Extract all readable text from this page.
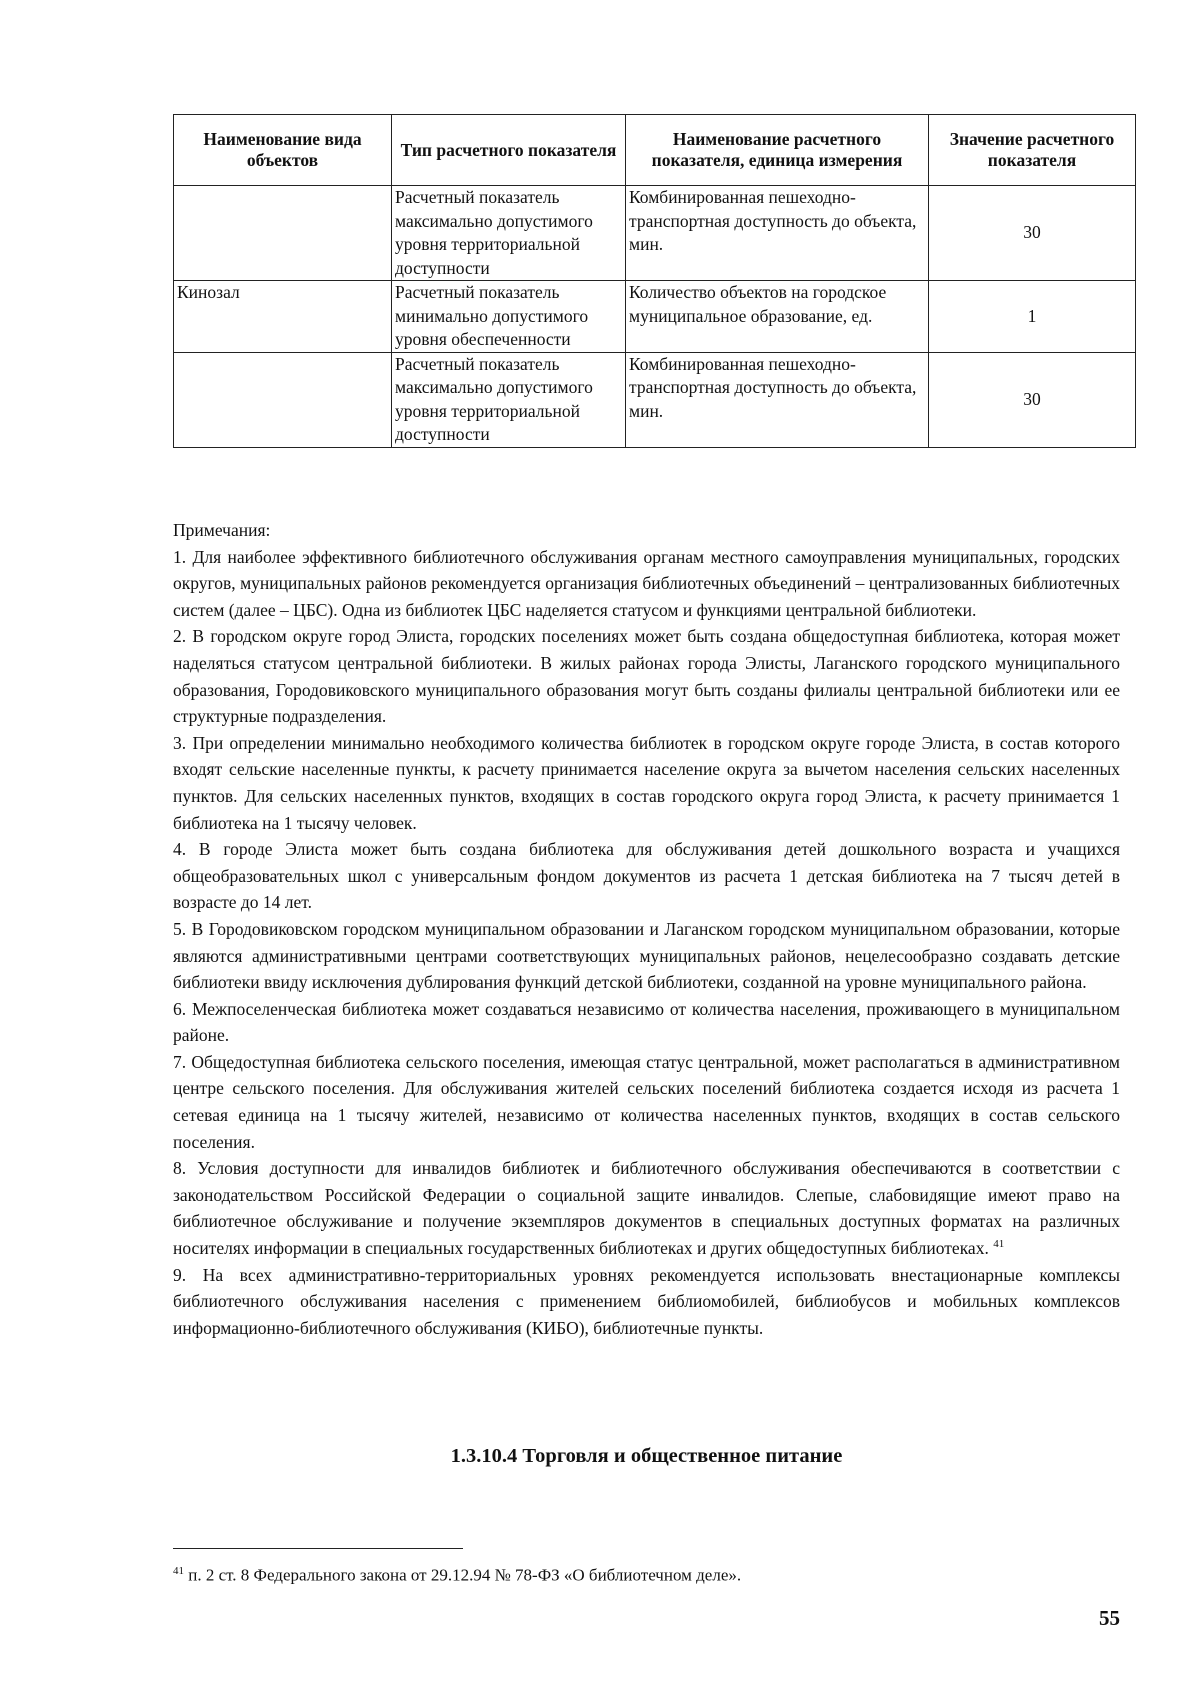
Наименование вида объектов	Тип расчетного показателя	Наименование расчетного показателя, единица измерения	Значение расчетного показателя
	Расчетный показатель максимально допустимого уровня территориальной доступности	Комбинированная пешеходно-транспортная доступность до объекта, мин.	30
Кинозал	Расчетный показатель минимально допустимого уровня обеспеченности	Количество объектов на городское муниципальное образование, ед.	1
	Расчетный показатель максимально допустимого уровня территориальной доступности	Комбинированная пешеходно-транспортная доступность до объекта, мин.	30

Примечания:

1. Для наиболее эффективного библиотечного обслуживания органам местного самоуправления муниципальных, городских округов, муниципальных районов рекомендуется организация библиотечных объединений – централизованных библиотечных систем (далее – ЦБС). Одна из библиотек ЦБС наделяется статусом и функциями центральной библиотеки.

2. В городском округе город Элиста, городских поселениях может быть создана общедоступная библиотека, которая может наделяться статусом центральной библиотеки. В жилых районах города Элисты, Лаганского городского муниципального образования, Городовиковского муниципального образования могут быть созданы филиалы центральной библиотеки или ее структурные подразделения.

3. При определении минимально необходимого количества библиотек в городском округе городе Элиста, в состав которого входят сельские населенные пункты, к расчету принимается население округа за вычетом населения сельских населенных пунктов. Для сельских населенных пунктов, входящих в состав городского округа город Элиста, к расчету принимается 1 библиотека на 1 тысячу человек.

4. В городе Элиста может быть создана библиотека для обслуживания детей дошкольного возраста и учащихся общеобразовательных школ с универсальным фондом документов из расчета 1 детская библиотека на 7 тысяч детей в возрасте до 14 лет.

5. В Городовиковском городском муниципальном образовании и Лаганском городском муниципальном образовании, которые являются административными центрами соответствующих муниципальных районов, нецелесообразно создавать детские библиотеки ввиду исключения дублирования функций детской библиотеки, созданной на уровне муниципального района.

6. Межпоселенческая библиотека может создаваться независимо от количества населения, проживающего в муниципальном районе.

7. Общедоступная библиотека сельского поселения, имеющая статус центральной, может располагаться в административном центре сельского поселения. Для обслуживания жителей сельских поселений библиотека создается исходя из расчета 1 сетевая единица на 1 тысячу жителей, независимо от количества населенных пунктов, входящих в состав сельского поселения.

8. Условия доступности для инвалидов библиотек и библиотечного обслуживания обеспечиваются в соответствии с законодательством Российской Федерации о социальной защите инвалидов. Слепые, слабовидящие имеют право на библиотечное обслуживание и получение экземпляров документов в специальных доступных форматах на различных носителях информации в специальных государственных библиотеках и других общедоступных библиотеках. $^{41}$

9. На всех административно-территориальных уровнях рекомендуется использовать внестационарные комплексы библиотечного обслуживания населения с применением библиомобилей, библиобусов и мобильных комплексов информационно-библиотечного обслуживания (КИБО), библиотечные пункты.

1.3.10.4 Торговля и общественное питание
$^{41}$ п. 2 ст. 8 Федерального закона от 29.12.94 № 78-ФЗ «О библиотечном деле».
55
